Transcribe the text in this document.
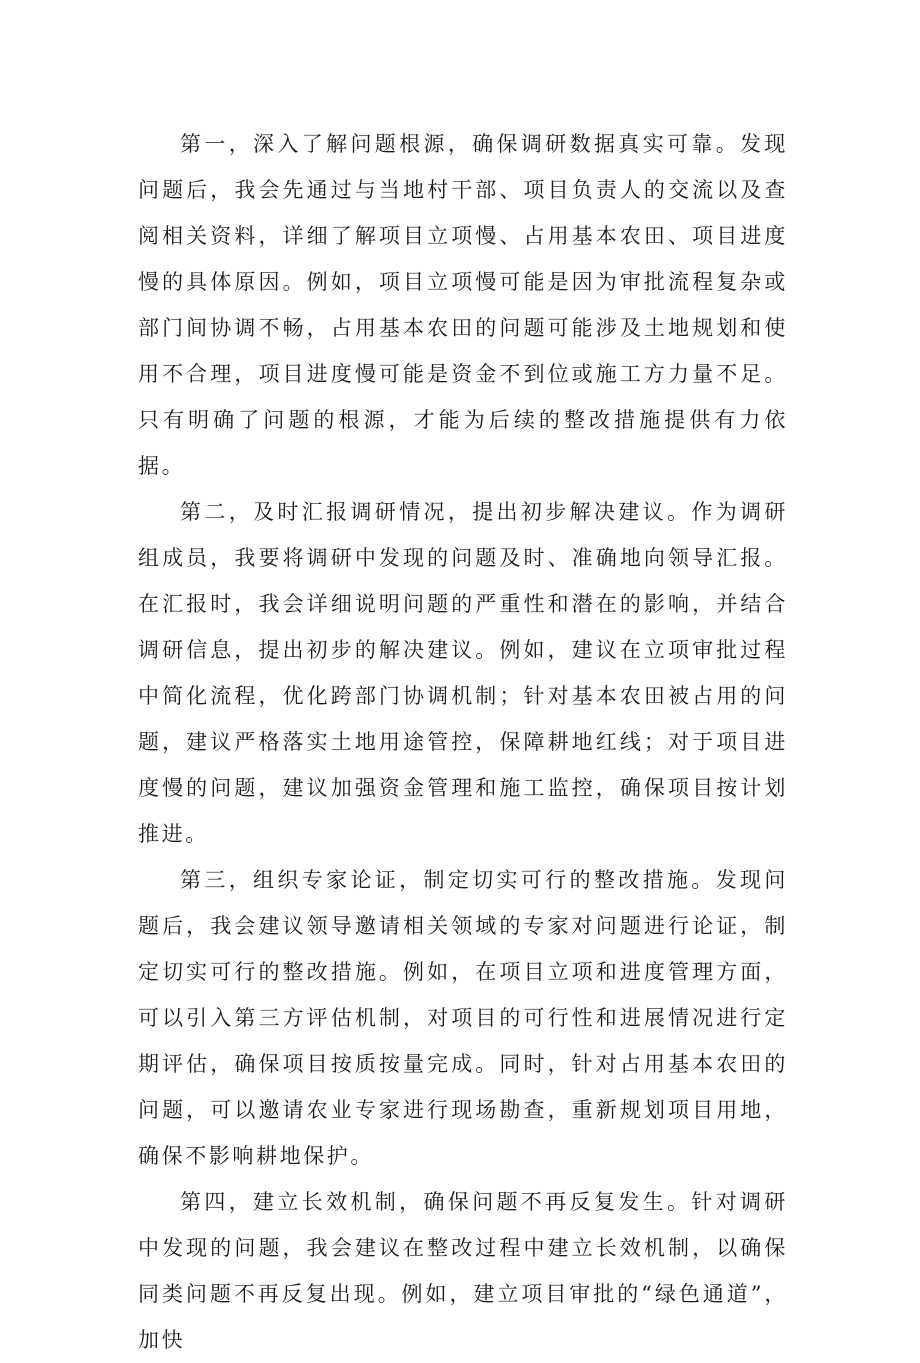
第一，深入了解问题根源，确保调研数据真实可靠。发现问题后，我会先通过与当地村干部、项目负责人的交流以及查阅相关资料，详细了解项目立项慢、占用基本农田、项目进度慢的具体原因。例如，项目立项慢可能是因为审批流程复杂或部门间协调不畅，占用基本农田的问题可能涉及土地规划和使用不合理，项目进度慢可能是资金不到位或施工方力量不足。只有明确了问题的根源，才能为后续的整改措施提供有力依据。

第二，及时汇报调研情况，提出初步解决建议。作为调研组成员，我要将调研中发现的问题及时、准确地向领导汇报。在汇报时，我会详细说明问题的严重性和潜在的影响，并结合调研信息，提出初步的解决建议。例如，建议在立项审批过程中简化流程，优化跨部门协调机制；针对基本农田被占用的问题，建议严格落实土地用途管控，保障耕地红线；对于项目进度慢的问题，建议加强资金管理和施工监控，确保项目按计划推进。

第三，组织专家论证，制定切实可行的整改措施。发现问题后，我会建议领导邀请相关领域的专家对问题进行论证，制定切实可行的整改措施。例如，在项目立项和进度管理方面，可以引入第三方评估机制，对项目的可行性和进展情况进行定期评估，确保项目按质按量完成。同时，针对占用基本农田的问题，可以邀请农业专家进行现场勘查，重新规划项目用地，确保不影响耕地保护。

第四，建立长效机制，确保问题不再反复发生。针对调研中发现的问题，我会建议在整改过程中建立长效机制，以确保同类问题不再反复出现。例如，建立项目审批的“绿色通道”，加快
